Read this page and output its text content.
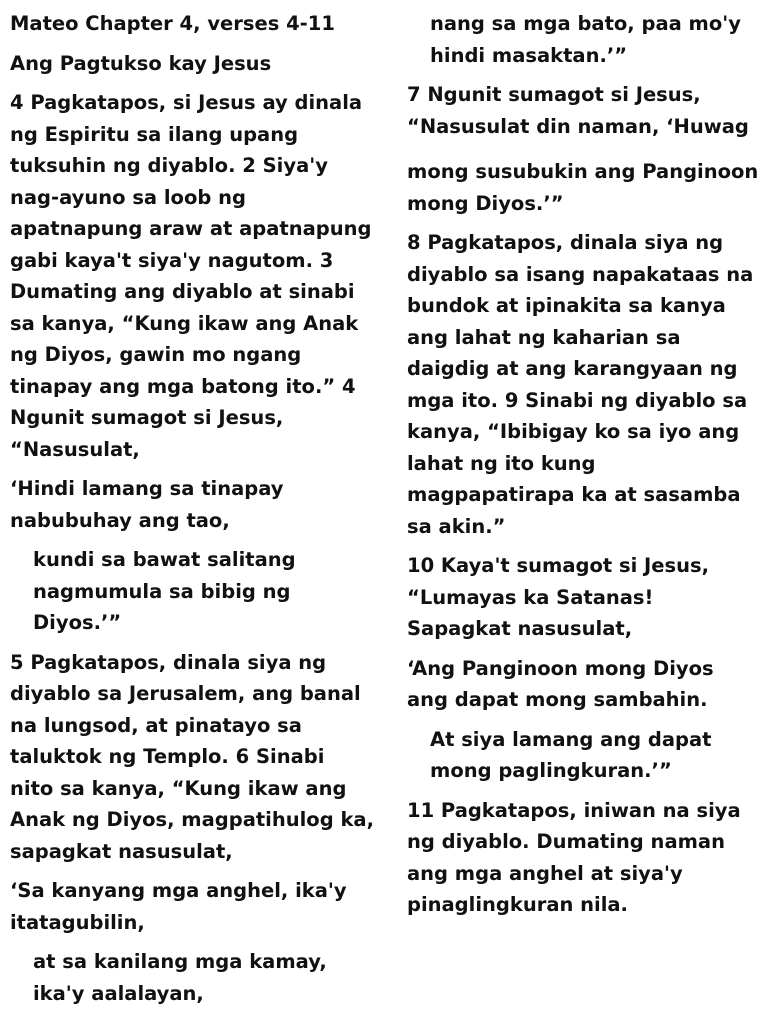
Mateo Chapter 4, verses 4-11
Ang Pagtukso kay Jesus
4 Pagkatapos, si Jesus ay dinala ng Espiritu sa ilang upang tuksuhin ng diyablo. 2 Siya'y nag-ayuno sa loob ng apatnapung araw at apatnapung gabi kaya't siya'y nagutom. 3 Dumating ang diyablo at sinabi sa kanya, “Kung ikaw ang Anak ng Diyos, gawin mo ngang tinapay ang mga batong ito.” 4 Ngunit sumagot si Jesus, “Nasusulat,
‘Hindi lamang sa tinapay nabubuhay ang tao,
kundi sa bawat salitang nagmumula sa bibig ng Diyos.’”
5 Pagkatapos, dinala siya ng diyablo sa Jerusalem, ang banal na lungsod, at pinatayo sa taluktok ng Templo. 6 Sinabi nito sa kanya, “Kung ikaw ang Anak ng Diyos, magpatihulog ka, sapagkat nasusulat,
‘Sa kanyang mga anghel, ika'y itatagubilin,
at sa kanilang mga kamay, ika'y aalalayan,
nang sa mga bato, paa mo'y hindi masaktan.’”
7 Ngunit sumagot si Jesus, “Nasusulat din naman, ‘Huwag
mong susubukin ang Panginoon mong Diyos.’”
8 Pagkatapos, dinala siya ng diyablo sa isang napakataas na bundok at ipinakita sa kanya ang lahat ng kaharian sa daigdig at ang karangyaan ng mga ito. 9 Sinabi ng diyablo sa kanya, “Ibibigay ko sa iyo ang lahat ng ito kung magpapatirapa ka at sasamba sa akin.”
10 Kaya't sumagot si Jesus, “Lumayas ka Satanas! Sapagkat nasusulat,
‘Ang Panginoon mong Diyos ang dapat mong sambahin.
At siya lamang ang dapat mong paglingkuran.’”
11 Pagkatapos, iniwan na siya ng diyablo. Dumating naman ang mga anghel at siya'y pinaglingkuran nila.
